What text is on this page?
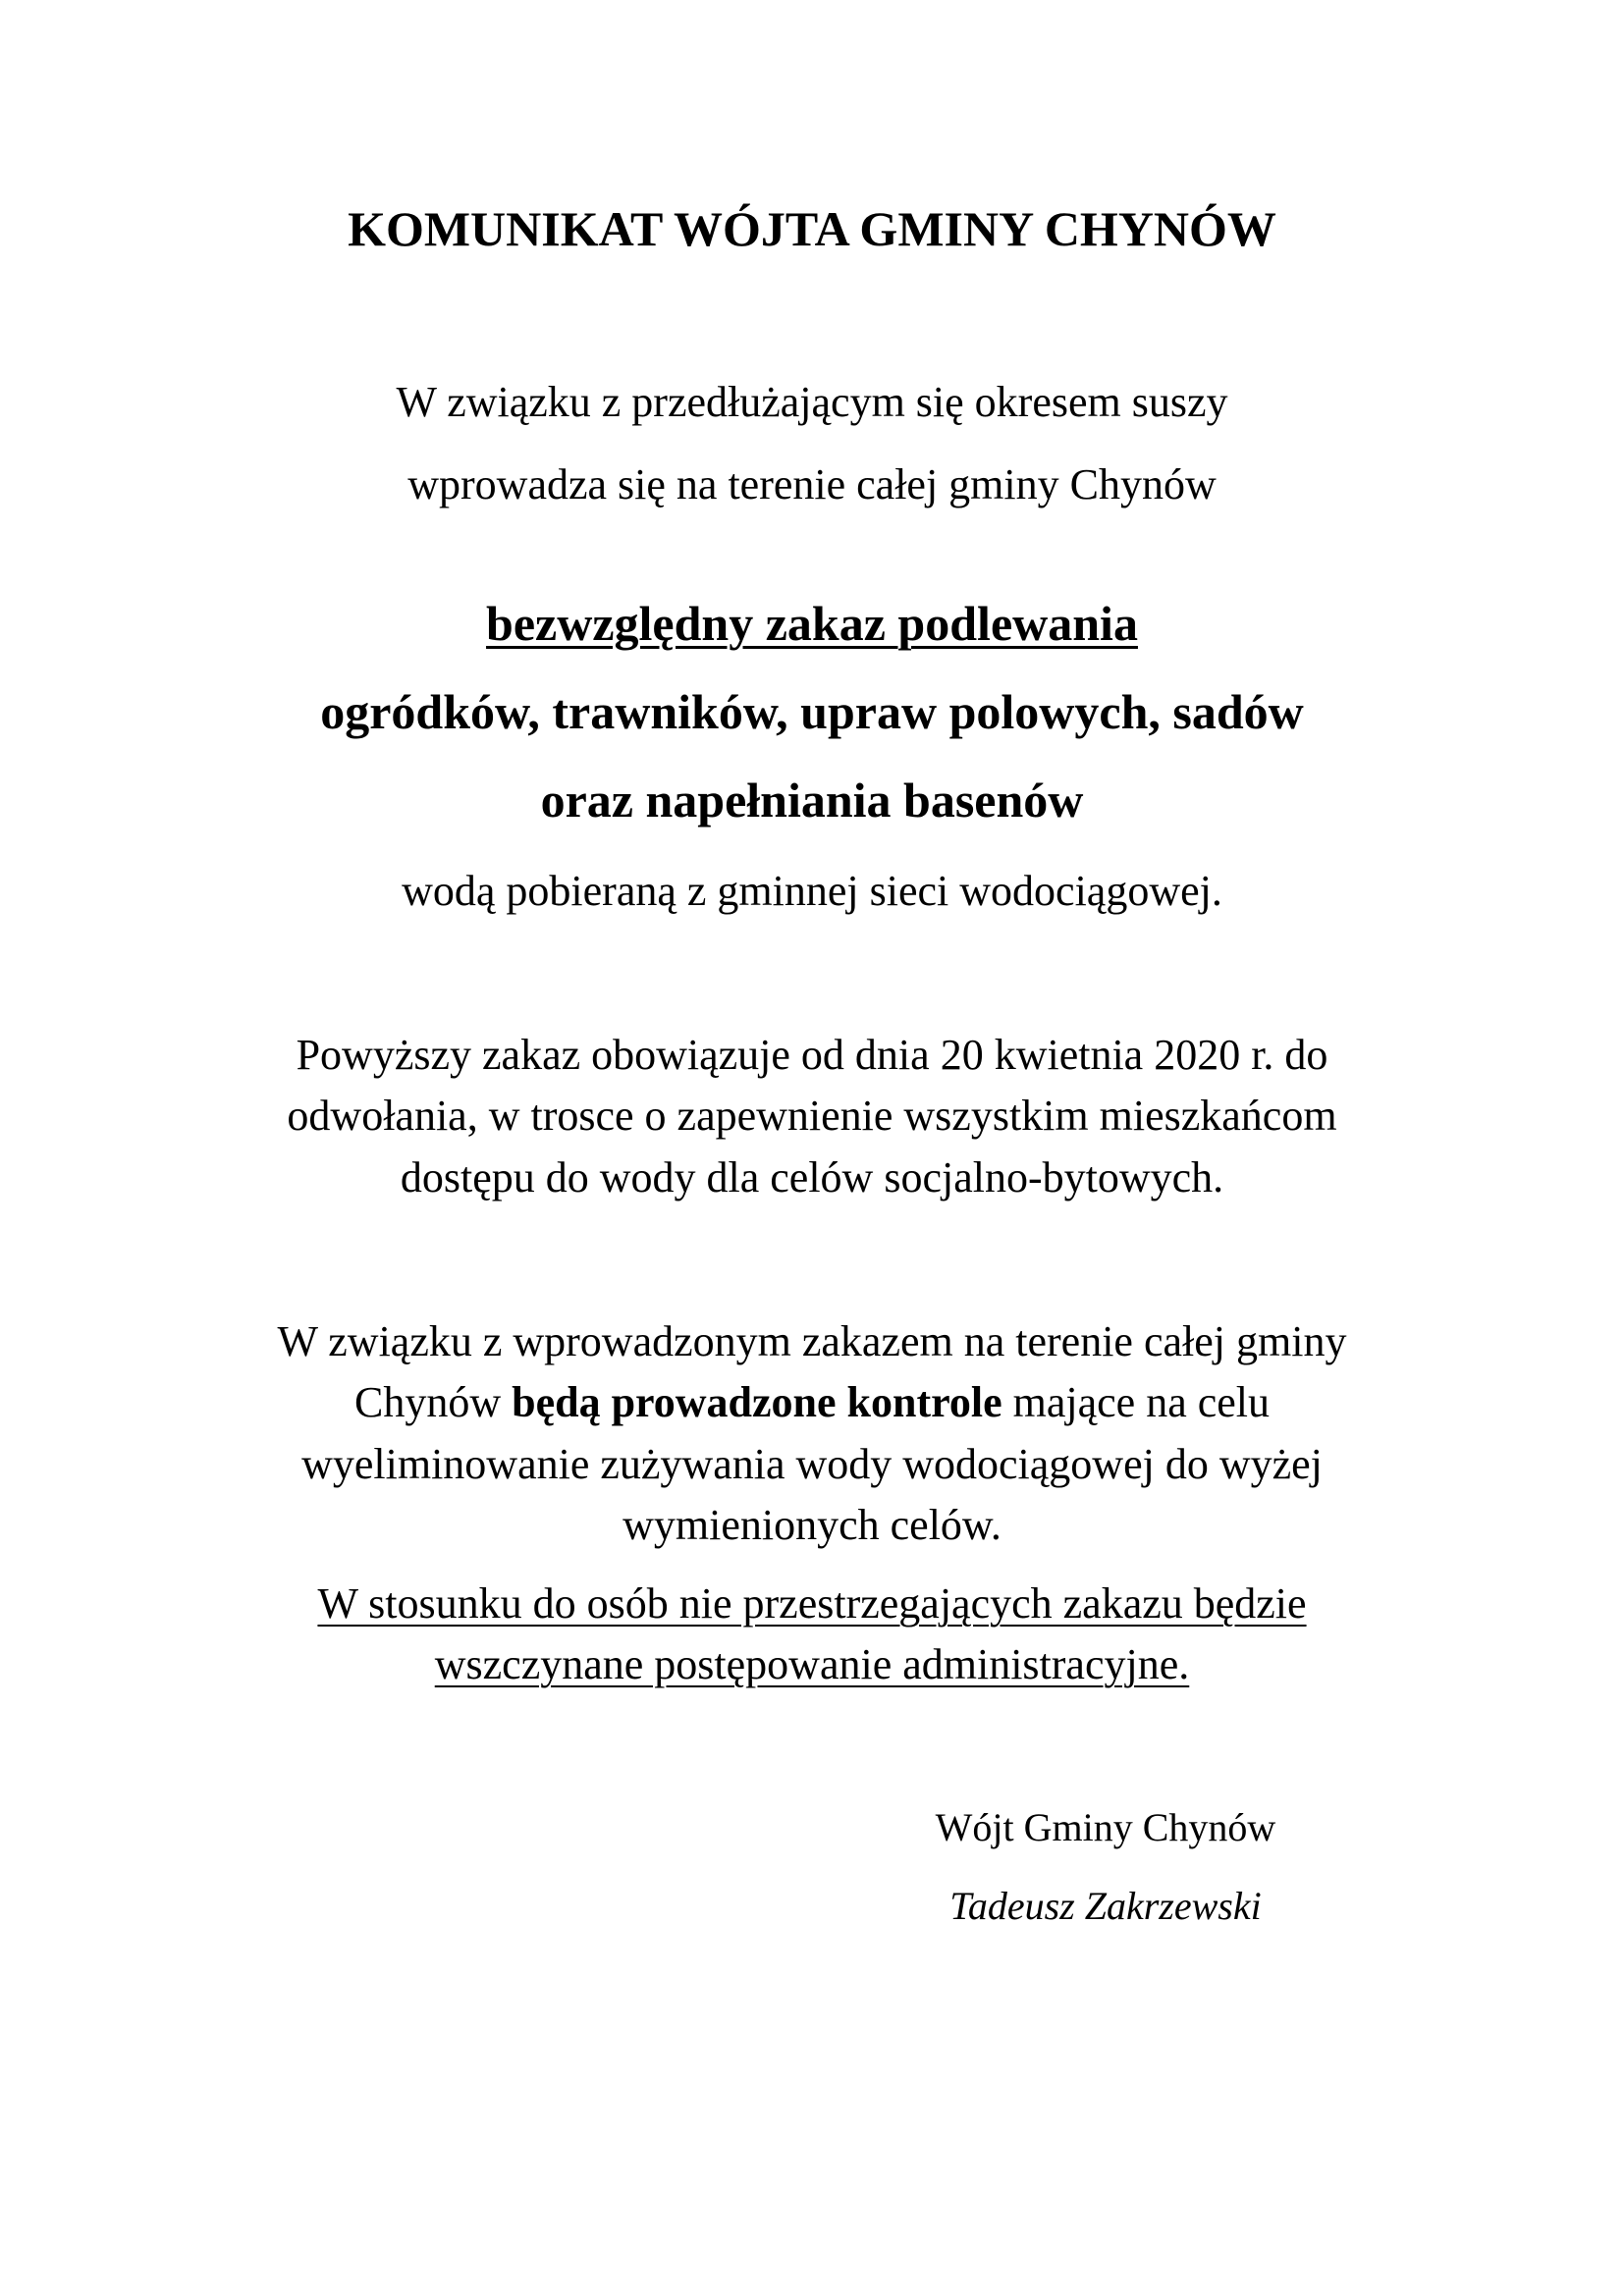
KOMUNIKAT WÓJTA GMINY CHYNÓW
W związku z przedłużającym się okresem suszy
wprowadza się na terenie całej gminy Chynów
bezwzględny zakaz podlewania
ogródków, trawników, upraw polowych, sadów
oraz napełniania basenów
wodą pobieraną z gminnej sieci wodociągowej.
Powyższy zakaz obowiązuje od dnia 20 kwietnia 2020 r. do
odwołania, w trosce o zapewnienie wszystkim mieszkańcom
dostępu do wody dla celów socjalno-bytowych.
W związku z wprowadzonym zakazem na terenie całej gminy
Chynów będą prowadzone kontrole mające na celu
wyeliminowanie zużywania wody wodociągowej do wyżej
wymienionych celów.
W stosunku do osób nie przestrzegających zakazu będzie
wszczynane postępowanie administracyjne.
Wójt Gminy Chynów
Tadeusz Zakrzewski
